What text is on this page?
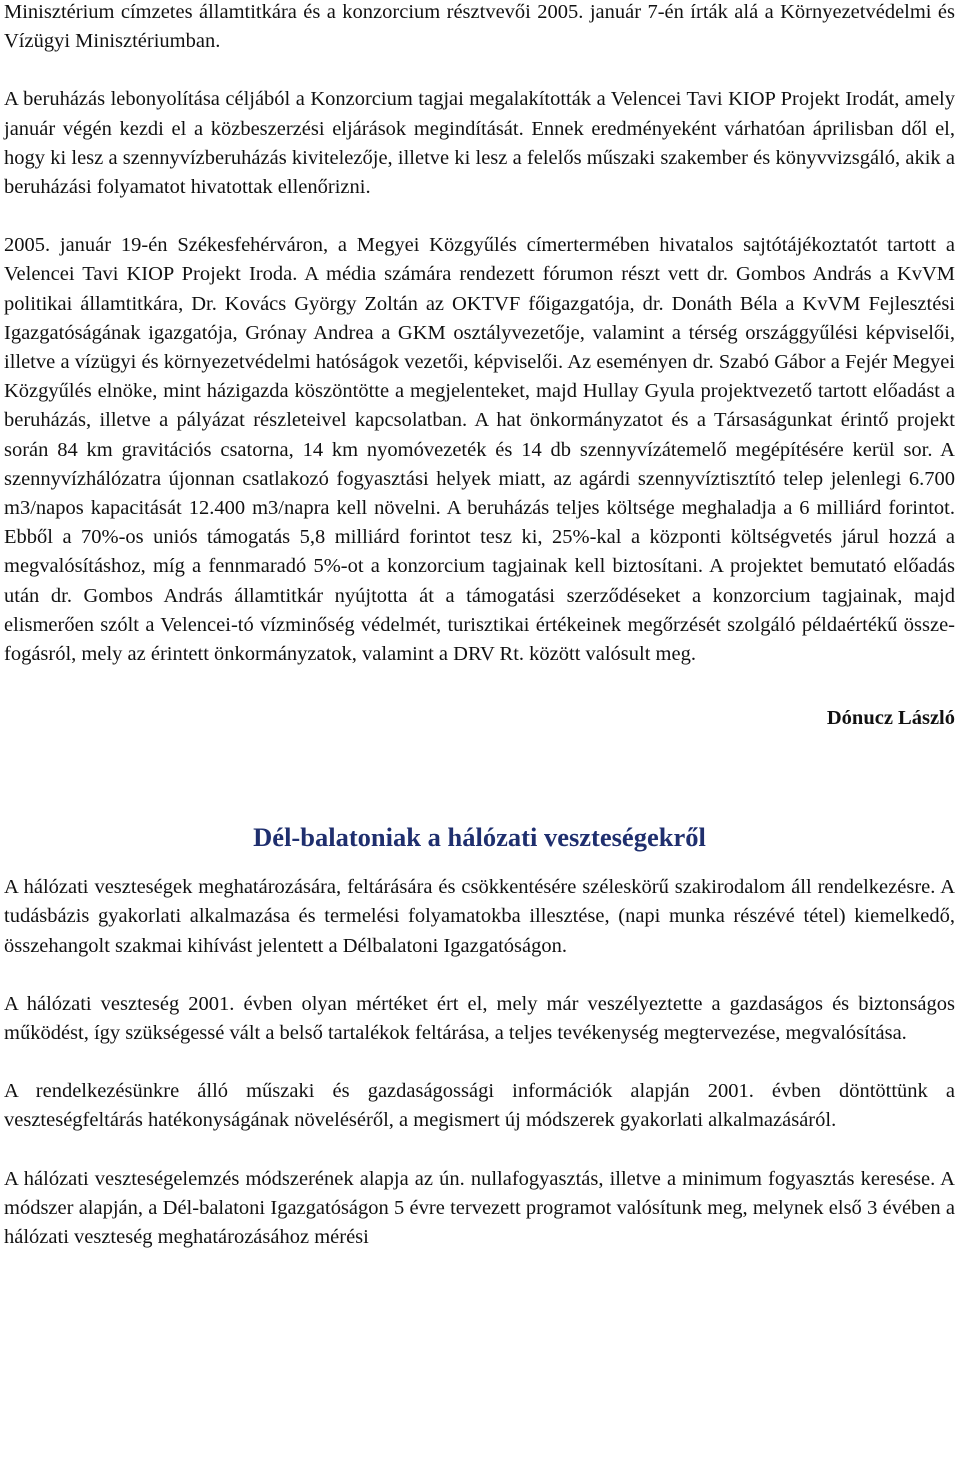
Minisztérium címzetes államtitkára és a konzorcium résztvevői 2005. január 7-én írták alá a Környezetvédelmi és Vízügyi Minisztériumban.

A beruházás lebonyolítása céljából a Konzorcium tagjai megalakították a Velencei Tavi KIOP Projekt Irodát, amely január végén kezdi el a közbeszerzési eljárások megindítását. Ennek eredményeként várhatóan áprilisban dől el, hogy ki lesz a szennyvízberuházás kivitelezője, illetve ki lesz a felelős műszaki szakember és könyvvizsgáló, akik a beruházási folyamatot hivatottak ellenőrizni.

2005. január 19-én Székesfehérváron, a Megyei Közgyűlés címertermében hivatalos sajtótájékoztatót tartott a Velencei Tavi KIOP Projekt Iroda. A média számára rendezett fórumon részt vett dr. Gombos András a KvVM politikai államtitkára, Dr. Kovács György Zoltán az OKTVF főigazgatója, dr. Donáth Béla a KvVM Fejlesztési Igazgatóságának igazgatója, Grónay Andrea a GKM osztályvezetője, valamint a térség országgyűlési képviselői, illetve a vízügyi és környezetvédelmi hatóságok vezetői, képviselői. Az eseményen dr. Szabó Gábor a Fejér Megyei Közgyűlés elnöke, mint házigazda köszöntötte a megjelenteket, majd Hullay Gyula projektvezető tartott előadást a beruházás, illetve a pályázat részleteivel kapcsolatban. A hat önkormányzatot és a Társaságunkat érintő projekt során 84 km gravitációs csatorna, 14 km nyomóvezeték és 14 db szennyvízátemelő megépítésére kerül sor. A szennyvízhálózatra újonnan csatlakozó fogyasztási helyek miatt, az agárdi szennyvíztisztító telep jelenlegi 6.700 m3/napos kapacitását 12.400 m3/napra kell növelni. A beruházás teljes költsége meghaladja a 6 milliárd forintot. Ebből a 70%-os uniós támogatás 5,8 milliárd forintot tesz ki, 25%-kal a központi költségvetés járul hozzá a megvalósításhoz, míg a fennmaradó 5%-ot a konzorcium tagjainak kell biztosítani. A projektet bemutató előadás után dr. Gombos András államtitkár nyújtotta át a támogatási szerződéseket a konzorcium tagjainak, majd elismerően szólt a Velencei-tó vízminőség védelmét, turisztikai értékeinek megőrzését szolgáló példaértékű összefogásról, mely az érintett önkormányzatok, valamint a DRV Rt. között valósult meg.

Dónucz László

Dél-balatoniak a hálózati veszteségekről

A hálózati veszteségek meghatározására, feltárására és csökkentésére széleskörű szakirodalom áll rendelkezésre. A tudásbázis gyakorlati alkalmazása és termelési folyamatokba illesztése, (napi munka részévé tétel) kiemelkedő, összehangolt szakmai kihívást jelentett a Délbalatoni Igazgatóságon.

A hálózati veszteség 2001. évben olyan mértéket ért el, mely már veszélyeztette a gazdaságos és biztonságos működést, így szükségessé vált a belső tartalékok feltárása, a teljes tevékenység megtervezése, megvalósítása.

A rendelkezésünkre álló műszaki és gazdaságossági információk alapján 2001. évben döntöttünk a veszteségfeltárás hatékonyságának növeléséről, a megismert új módszerek gyakorlati alkalmazásáról.

A hálózati veszteségelemzés módszerének alapja az ún. nullafogyasztás, illetve a minimum fogyasztás keresése. A módszer alapján, a Dél-balatoni Igazgatóságon 5 évre tervezett programot valósítunk meg, melynek első 3 évében a hálózati veszteség meghatározásához mérési
